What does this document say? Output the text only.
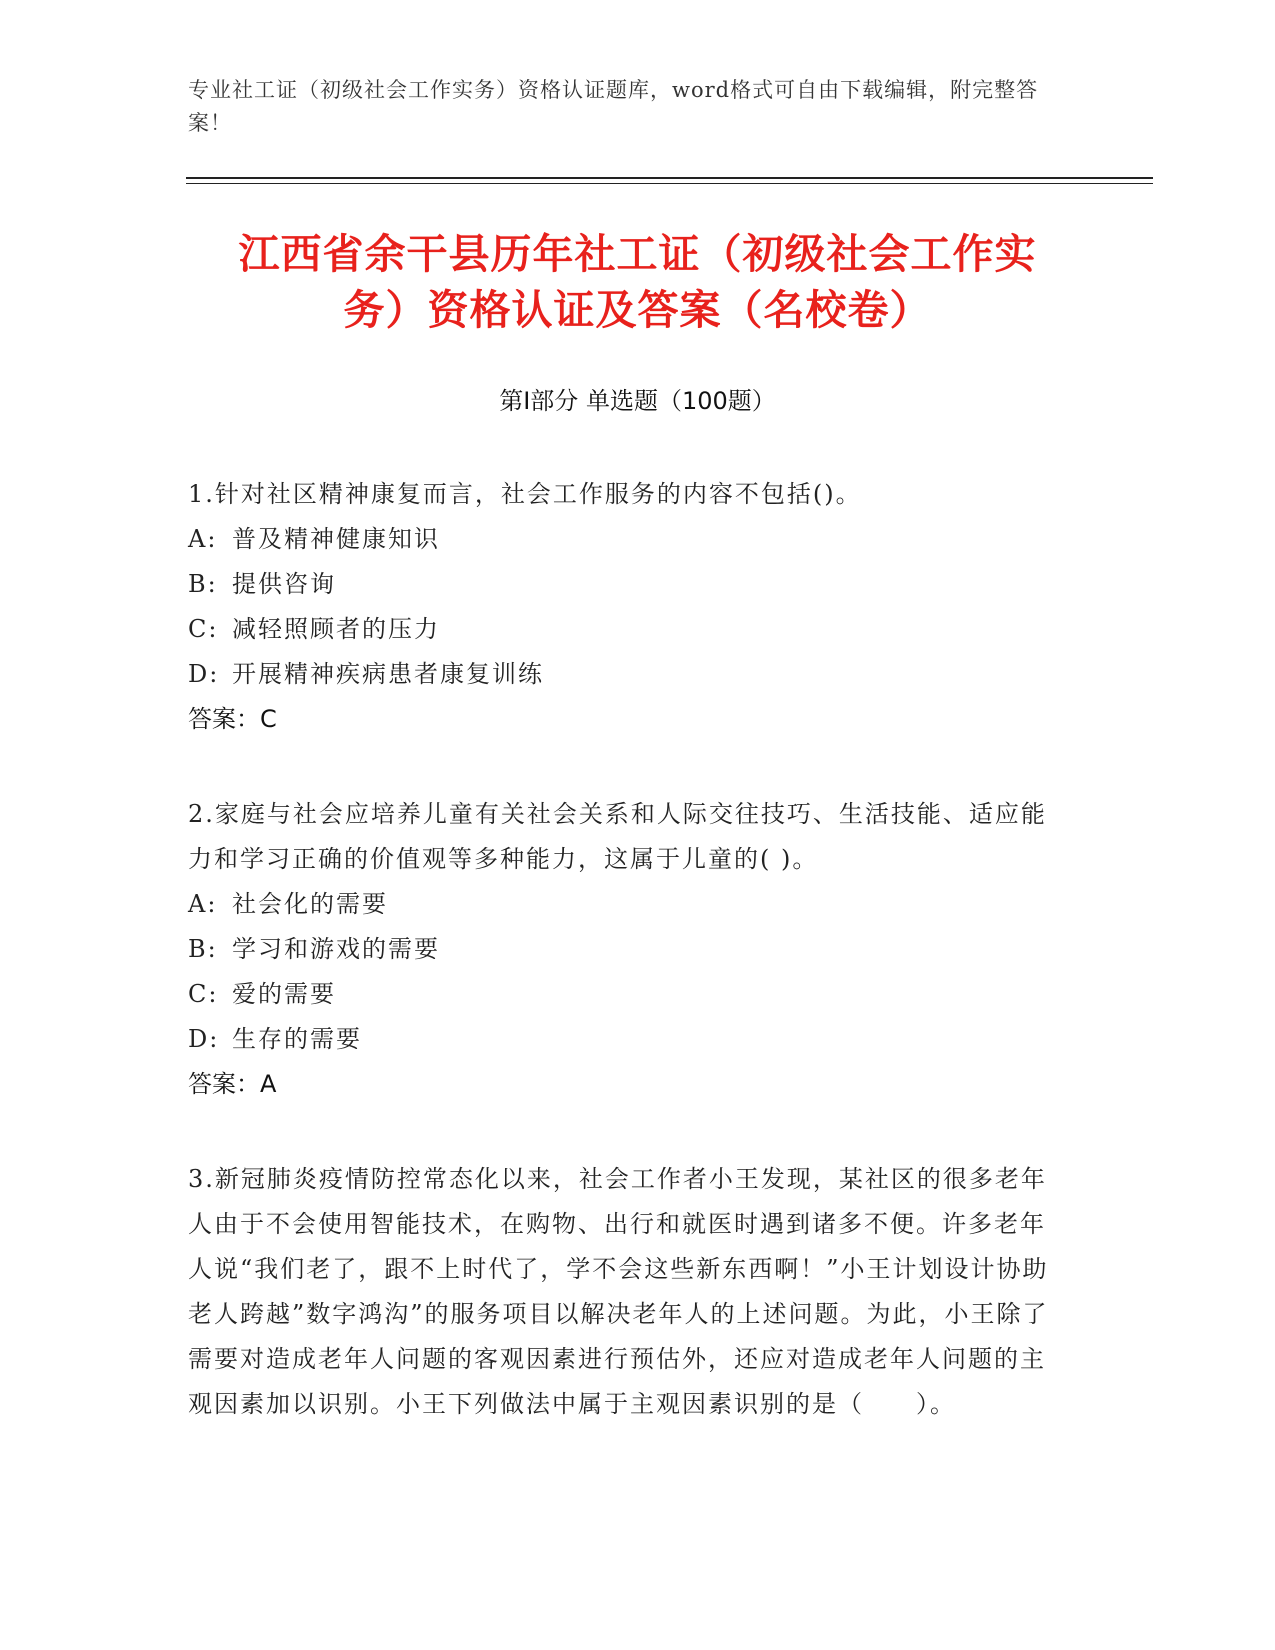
专业社工证（初级社会工作实务）资格认证题库，word格式可自由下载编辑，附完整答案！
江西省余干县历年社工证（初级社会工作实
务）资格认证及答案（名校卷）
第Ⅰ部分 单选题（100题）

1.针对社区精神康复而言，社会工作服务的内容不包括()。

A: 普及精神健康知识
B: 提供咨询
C: 减轻照顾者的压力
D: 开展精神疾病患者康复训练
答案：C

2.家庭与社会应培养儿童有关社会关系和人际交往技巧、生活技能、适应能力和学习正确的价值观等多种能力，这属于儿童的( )。

A: 社会化的需要
B: 学习和游戏的需要
C: 爱的需要
D: 生存的需要
答案：A

3.新冠肺炎疫情防控常态化以来，社会工作者小王发现，某社区的很多老年人由于不会使用智能技术，在购物、出行和就医时遇到诸多不便。许多老年人说“我们老了，跟不上时代了，学不会这些新东西啊！”小王计划设计协助老人跨越”数字鸿沟”的服务项目以解决老年人的上述问题。为此，小王除了需要对造成老年人问题的客观因素进行预估外，还应对造成老年人问题的主观因素加以识别。小王下列做法中属于主观因素识别的是（　　）。
